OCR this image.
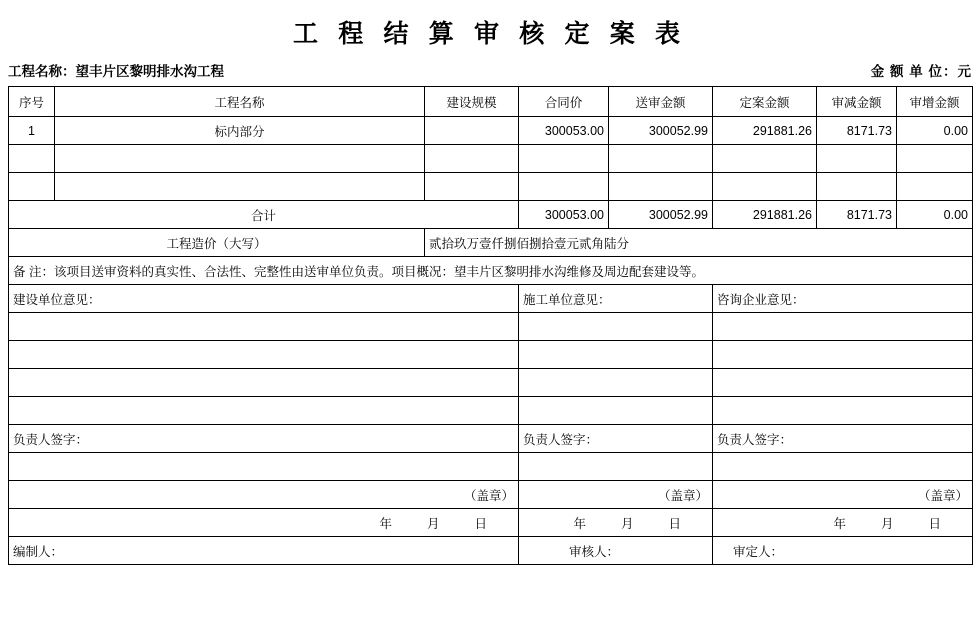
工 程 结 算 审 核 定 案 表
工程名称：望丰片区黎明排水沟工程	金 额 单 位：元
序号	工程名称	建设规模	合同价	送审金额	定案金额	审减金额	审增金额
1	标内部分		300053.00	300052.99	291881.26	8171.73	0.00

合计			300053.00	300052.99	291881.26	8171.73	0.00
工程造价（大写）		贰拾玖万壹仟捌佰捌拾壹元贰角陆分					
备 注：该项目送审资料的真实性、合法性、完整性由送审单位负责。项目概况：望丰片区黎明排水沟维修及周边配套建设等。							
建设单位意见：			施工单位意见：		咨询企业意见：		

负责人签字：			负责人签字：		负责人签字：		

（盖章）			（盖章）		（盖章）		

年 月 日			年 月 日		年 月 日		

编制人：			审核人：		审定人：		
